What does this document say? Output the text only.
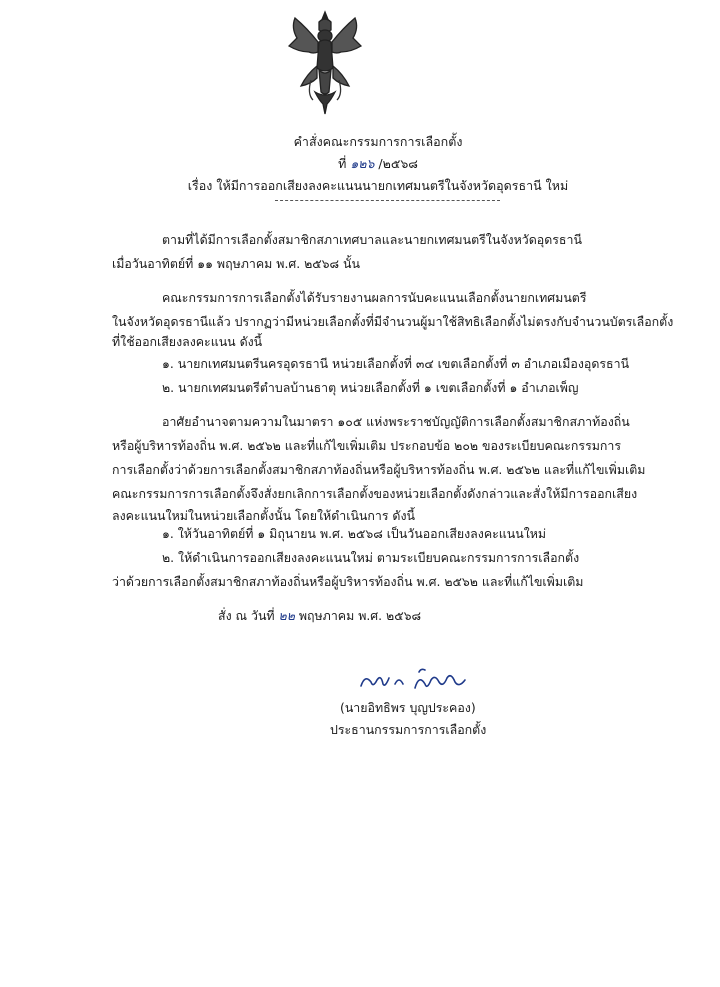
คำสั่งคณะกรรมการการเลือกตั้ง
ที่ ๑๒๖ /๒๕๖๘
เรื่อง ให้มีการออกเสียงลงคะแนนนายกเทศมนตรีในจังหวัดอุดรธานี ใหม่
ตามที่ได้มีการเลือกตั้งสมาชิกสภาเทศบาลและนายกเทศมนตรีในจังหวัดอุดรธานี
เมื่อวันอาทิตย์ที่ ๑๑ พฤษภาคม พ.ศ. ๒๕๖๘ นั้น
คณะกรรมการการเลือกตั้งได้รับรายงานผลการนับคะแนนเลือกตั้งนายกเทศมนตรี
ในจังหวัดอุดรธานีแล้ว ปรากฏว่ามีหน่วยเลือกตั้งที่มีจำนวนผู้มาใช้สิทธิเลือกตั้งไม่ตรงกับจำนวนบัตรเลือกตั้ง
ที่ใช้ออกเสียงลงคะแนน ดังนี้
๑. นายกเทศมนตรีนครอุดรธานี หน่วยเลือกตั้งที่ ๓๔ เขตเลือกตั้งที่ ๓ อำเภอเมืองอุดรธานี
๒. นายกเทศมนตรีตำบลบ้านธาตุ หน่วยเลือกตั้งที่ ๑ เขตเลือกตั้งที่ ๑ อำเภอเพ็ญ
อาศัยอำนาจตามความในมาตรา ๑๐๕ แห่งพระราชบัญญัติการเลือกตั้งสมาชิกสภาท้องถิ่น
หรือผู้บริหารท้องถิ่น พ.ศ. ๒๕๖๒ และที่แก้ไขเพิ่มเติม ประกอบข้อ ๒๐๒ ของระเบียบคณะกรรมการ
การเลือกตั้งว่าด้วยการเลือกตั้งสมาชิกสภาท้องถิ่นหรือผู้บริหารท้องถิ่น พ.ศ. ๒๕๖๒ และที่แก้ไขเพิ่มเติม
คณะกรรมการการเลือกตั้งจึงสั่งยกเลิกการเลือกตั้งของหน่วยเลือกตั้งดังกล่าวและสั่งให้มีการออกเสียง
ลงคะแนนใหม่ในหน่วยเลือกตั้งนั้น โดยให้ดำเนินการ ดังนี้
๑. ให้วันอาทิตย์ที่ ๑ มิถุนายน พ.ศ. ๒๕๖๘ เป็นวันออกเสียงลงคะแนนใหม่
๒. ให้ดำเนินการออกเสียงลงคะแนนใหม่ ตามระเบียบคณะกรรมการการเลือกตั้ง
ว่าด้วยการเลือกตั้งสมาชิกสภาท้องถิ่นหรือผู้บริหารท้องถิ่น พ.ศ. ๒๕๖๒ และที่แก้ไขเพิ่มเติม
สั่ง ณ วันที่ ๒๒ พฤษภาคม พ.ศ. ๒๕๖๘
(นายอิทธิพร บุญประคอง)
ประธานกรรมการการเลือกตั้ง
